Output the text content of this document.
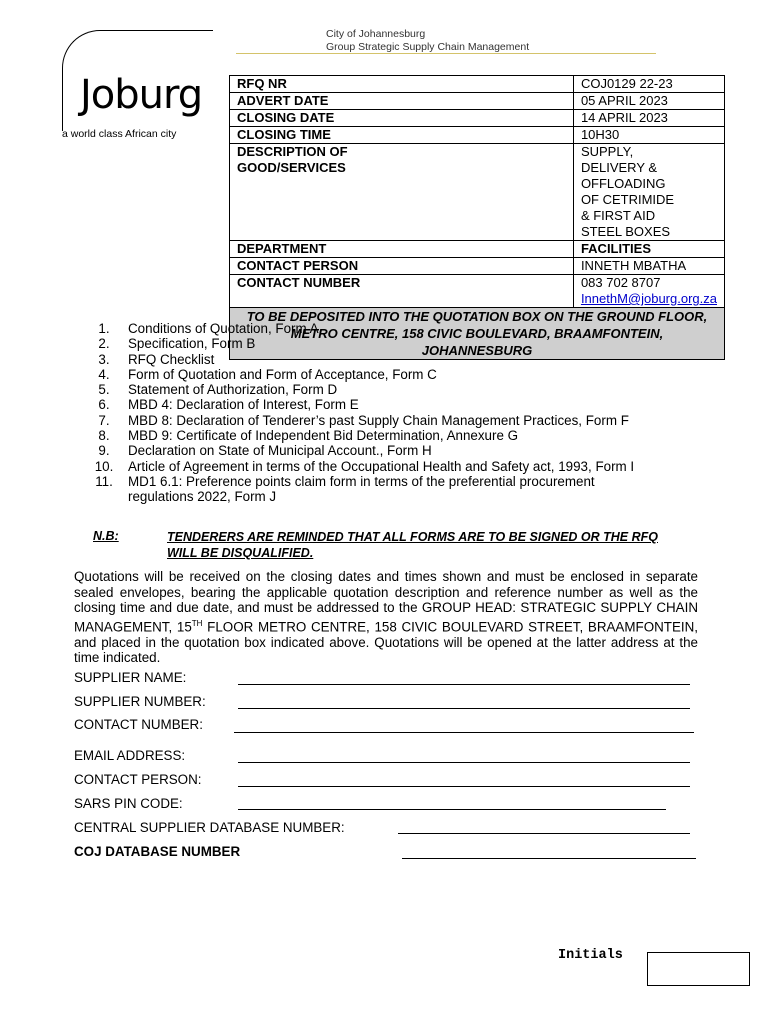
Joburg
a world class African city
City of Johannesburg
Group Strategic Supply Chain Management
RFQ NR	COJ0129 22-23
ADVERT DATE	05 APRIL 2023
CLOSING DATE	14 APRIL 2023
CLOSING TIME	10H30
DESCRIPTION OF GOOD/SERVICES	SUPPLY, DELIVERY & OFFLOADING OF CETRIMIDE & FIRST AID STEEL BOXES
DEPARTMENT	FACILITIES
CONTACT PERSON	INNETH MBATHA
CONTACT NUMBER	083 702 8707
InnethM@joburg.org.za

TO BE DEPOSITED INTO THE QUOTATION BOX ON THE GROUND FLOOR, METRO CENTRE, 158 CIVIC BOULEVARD, BRAAMFONTEIN, JOHANNESBURG	
1.	Conditions of Quotation, Form A.
2.	Specification, Form B
3.	RFQ Checklist
4.	Form of Quotation and Form of Acceptance, Form C
5.	Statement of Authorization, Form D
6.	MBD 4: Declaration of Interest, Form E
7.	MBD 8: Declaration of Tenderer’s past Supply Chain Management Practices, Form F
8.	MBD 9: Certificate of Independent Bid Determination, Annexure G
9.	Declaration on State of Municipal Account., Form H
10.	Article of Agreement in terms of the Occupational Health and Safety act, 1993, Form I
11.	MD1 6.1: Preference points claim form in terms of the preferential procurement regulations 2022, Form J
N.B:	TENDERERS ARE REMINDED THAT ALL FORMS ARE TO BE SIGNED OR THE RFQ WILL BE DISQUALIFIED.
Quotations will be received on the closing dates and times shown and must be enclosed in separate sealed envelopes, bearing the applicable quotation description and reference number as well as the closing time and due date, and must be addressed to the GROUP HEAD: STRATEGIC SUPPLY CHAIN MANAGEMENT, 15TH FLOOR METRO CENTRE, 158 CIVIC BOULEVARD STREET, BRAAMFONTEIN, and placed in the quotation box indicated above. Quotations will be opened at the latter address at the time indicated.
SUPPLIER NAME:
SUPPLIER NUMBER:
CONTACT NUMBER:
EMAIL ADDRESS:
CONTACT PERSON:
SARS PIN CODE:
CENTRAL SUPPLIER DATABASE NUMBER:
COJ DATABASE NUMBER
Initials
